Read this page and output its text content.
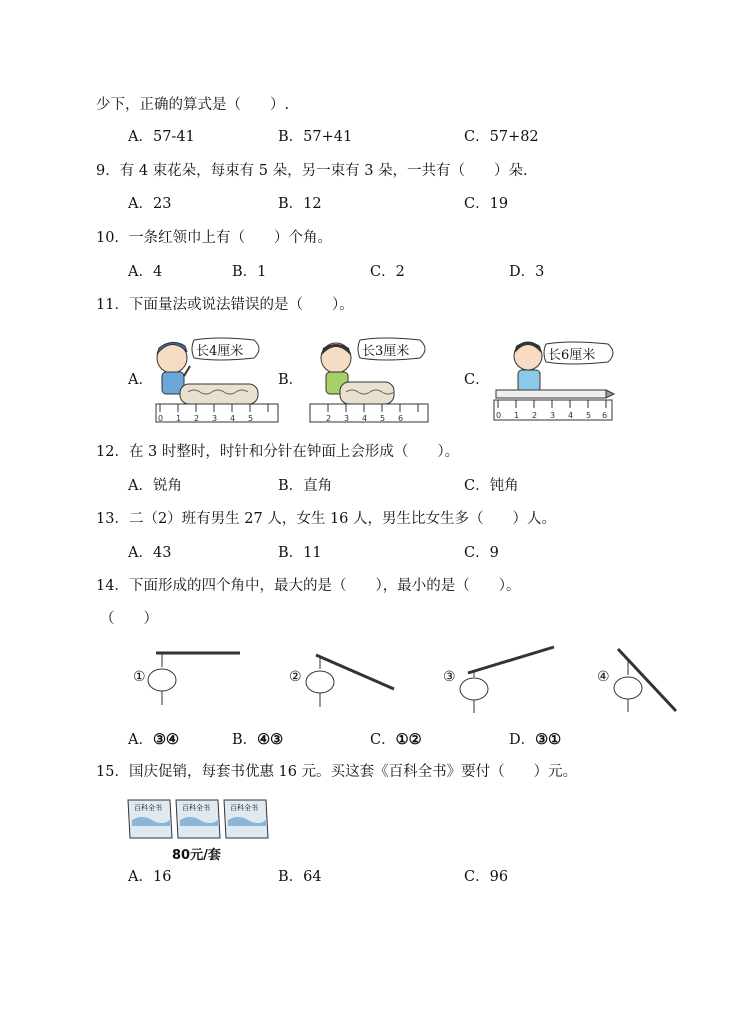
少下，正确的算式是（　　）.
A．57-41	B．57+41	C．57+82
9．有 4 束花朵，每束有 5 朵，另一束有 3 朵，一共有（　　）朵.
A．23	B．12	C．19
10．一条红领巾上有（　　）个角。
A．4	B．1	C．2	D．3
11．下面量法或说法错误的是（　　）。
A．	B．	C．
0 1 2 3 4 5
长4厘米
2 3 4 5 6
长3厘米
0 1 2 3 4 5 6
长6厘米
12．在 3 时整时，时针和分针在钟面上会形成（　　）。
A．锐角	B．直角	C．钝角
13．二（2）班有男生 27 人，女生 16 人，男生比女生多（　　）人。
A．43	B．11	C．9
14．下面形成的四个角中，最大的是（　　），最小的是（　　）。
（　　）
①	②	③	④
A．③④	B．④③	C．①②	D．③①
15．国庆促销，每套书优惠 16 元。买这套《百科全书》要付（　　）元。
百科全书	百科全书	百科全书
80元/套
A．16	B．64	C．96
